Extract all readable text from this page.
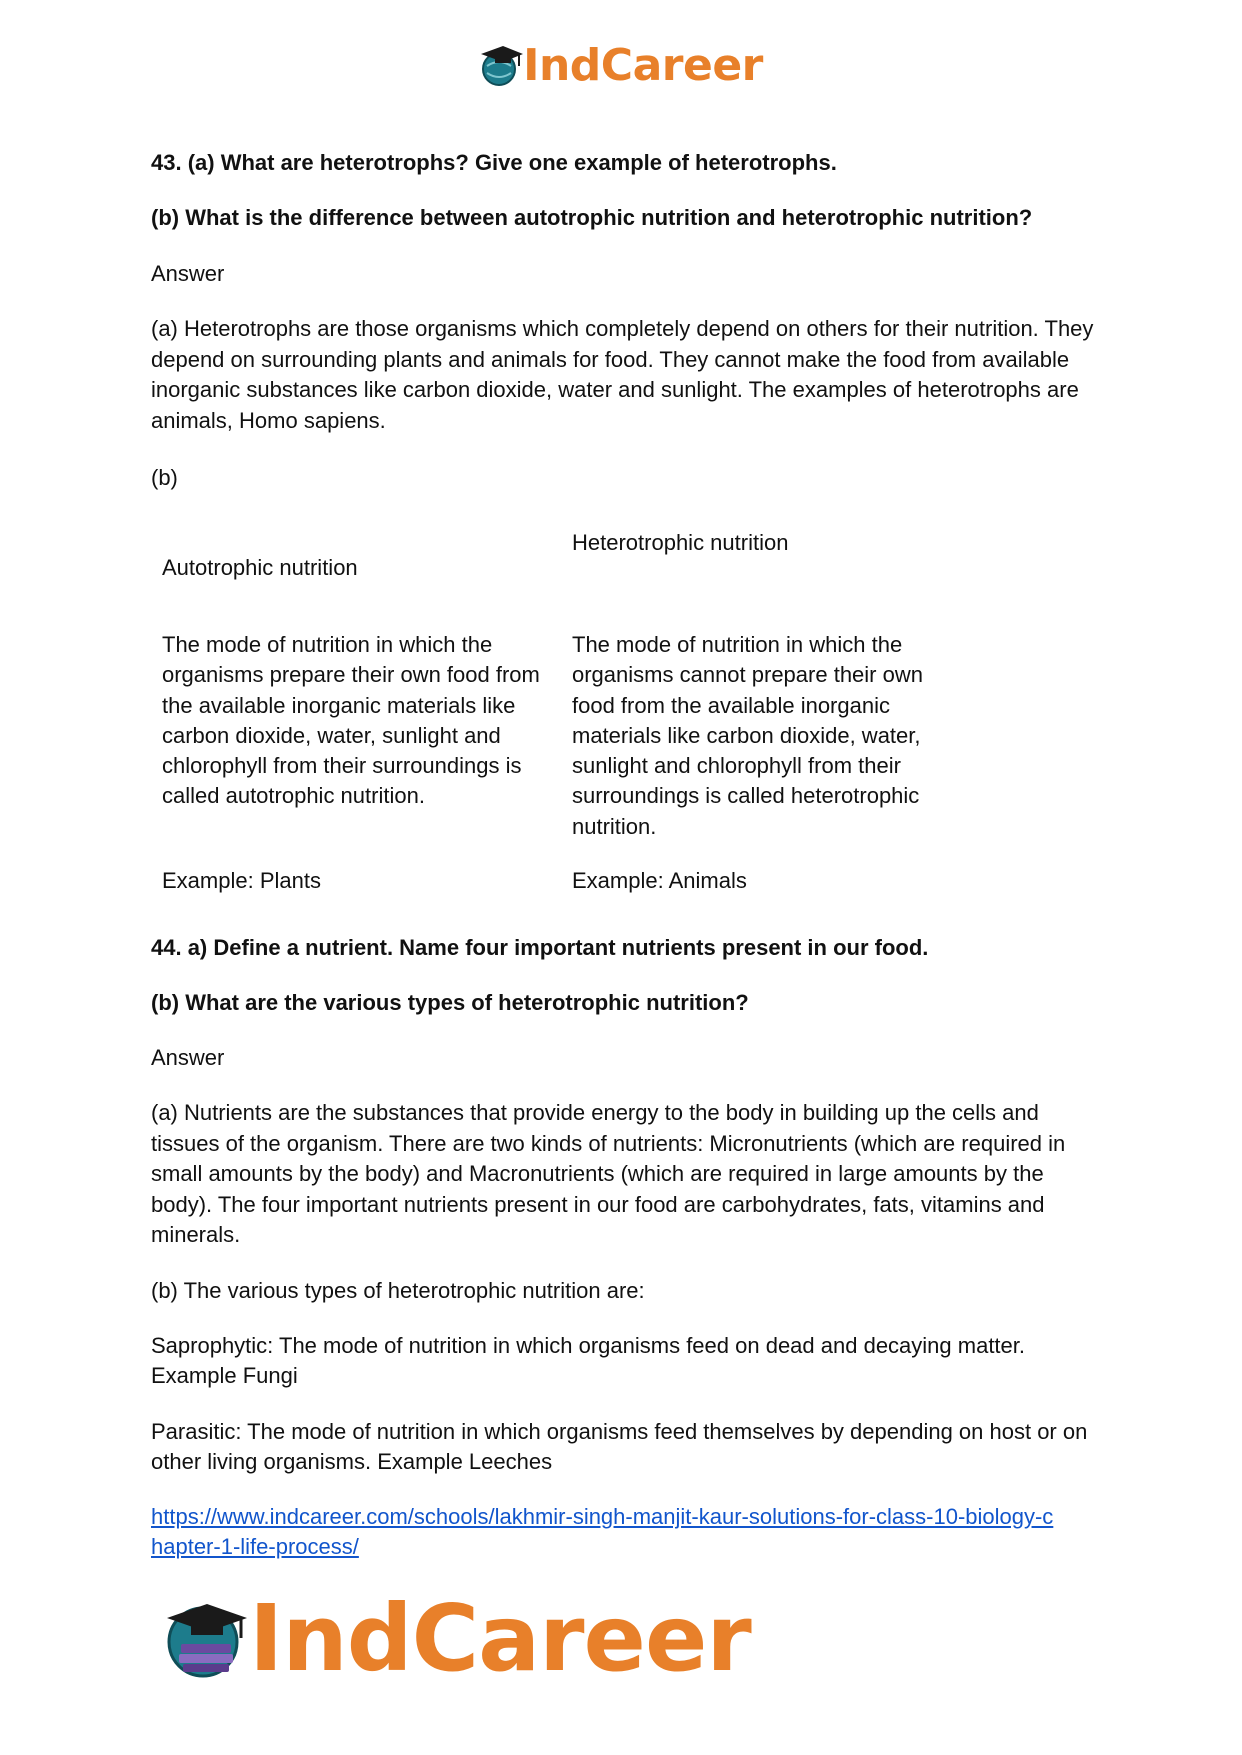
IndCareer

43. (a) What are heterotrophs? Give one example of heterotrophs.

(b) What is the difference between autotrophic nutrition and heterotrophic nutrition?

Answer

(a) Heterotrophs are those organisms which completely depend on others for their nutrition. They depend on surrounding plants and animals for food. They cannot make the food from available inorganic substances like carbon dioxide, water and sunlight. The examples of heterotrophs are animals, Homo sapiens.

(b)

Autotrophic nutrition
Heterotrophic nutrition
The mode of nutrition in which the organisms prepare their own food from the available inorganic materials like carbon dioxide, water, sunlight and chlorophyll from their surroundings is called autotrophic nutrition.
The mode of nutrition in which the organisms cannot prepare their own food from the available inorganic materials like carbon dioxide, water, sunlight and chlorophyll from their surroundings is called heterotrophic nutrition.
Example: Plants	Example: Animals

44. a) Define a nutrient. Name four important nutrients present in our food.

(b) What are the various types of heterotrophic nutrition?

Answer

(a) Nutrients are the substances that provide energy to the body in building up the cells and tissues of the organism. There are two kinds of nutrients: Micronutrients (which are required in small amounts by the body) and Macronutrients (which are required in large amounts by the body). The four important nutrients present in our food are carbohydrates, fats, vitamins and minerals.

(b) The various types of heterotrophic nutrition are:

Saprophytic: The mode of nutrition in which organisms feed on dead and decaying matter. Example Fungi

Parasitic: The mode of nutrition in which organisms feed themselves by depending on host or on other living organisms. Example Leeches

https://www.indcareer.com/schools/lakhmir-singh-manjit-kaur-solutions-for-class-10-biology-c
hapter-1-life-process/
IndCareer
